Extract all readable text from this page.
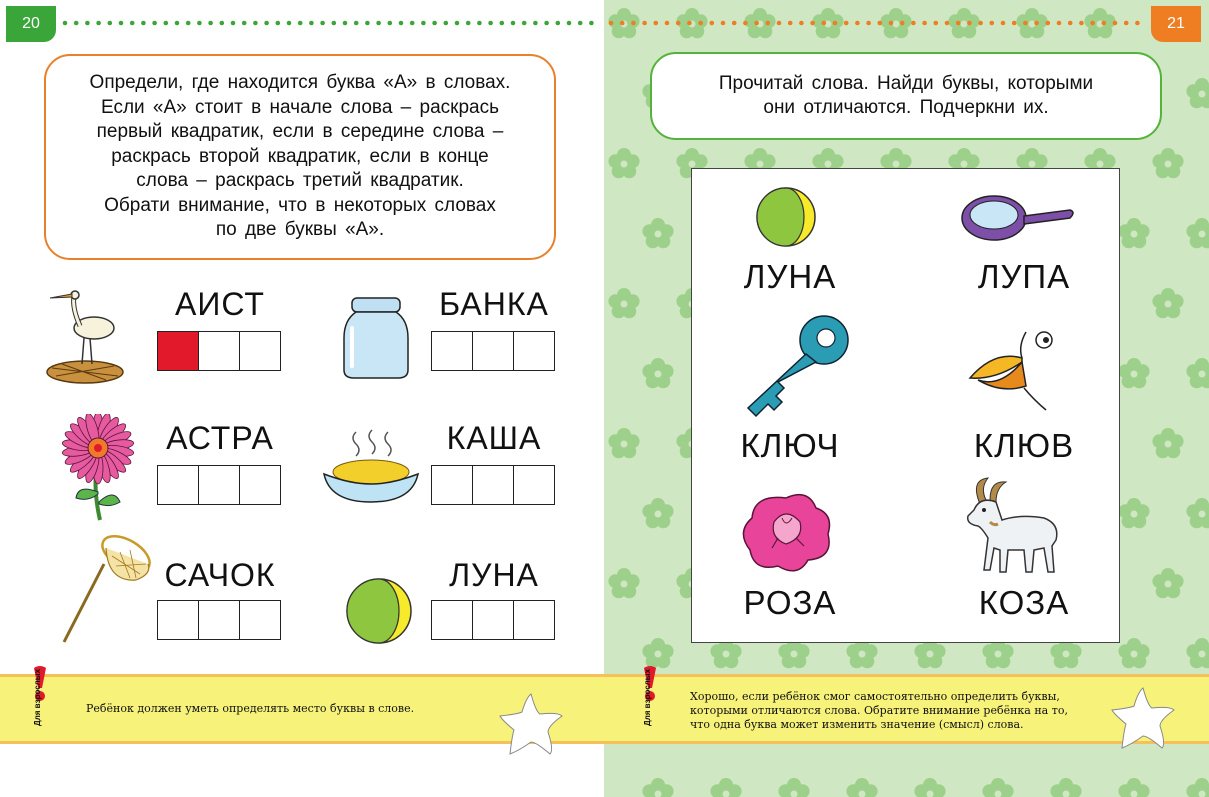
20
Определи, где находится буква «А» в словах.
Если «А» стоит в начале слова – раскрась
первый квадратик, если в середине слова –
раскрась второй квадратик, если в конце
слова – раскрась третий квадратик.
Обрати внимание, что в некоторых словах
по две буквы «А».
АИСТ	БАНКА
АСТРА	КАША
САЧОК	ЛУНА
Для взрослых	Ребёнок должен уметь определять место буквы в слове.
21
Прочитай слова. Найди буквы, которыми
они отличаются. Подчеркни их.
ЛУНА	ЛУПА
КЛЮЧ	КЛЮВ
РОЗА	КОЗА
Для взрослых	Хорошо, если ребёнок смог самостоятельно определить буквы,
которыми отличаются слова. Обратите внимание ребёнка на то,
что одна буква может изменить значение (смысл) слова.
